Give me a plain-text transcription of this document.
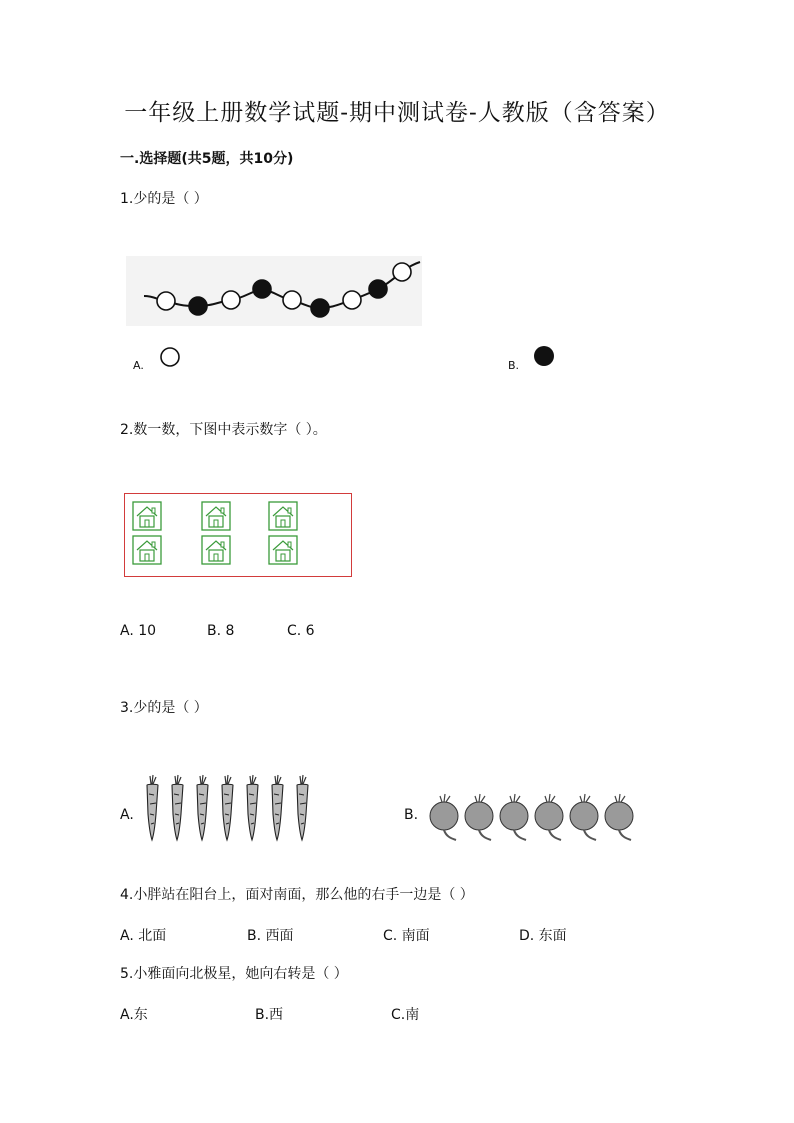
一年级上册数学试题-期中测试卷-人教版（含答案）
一.选择题(共5题，共10分)
1.少的是（ ）
A.	B.
2.数一数，下图中表示数字（ ）。
A. 10	B. 8	C. 6
3.少的是（ ）
A.	B.
4.小胖站在阳台上，面对南面，那么他的右手一边是（ ）
A. 北面	B. 西面	C. 南面	D. 东面
5.小雅面向北极星，她向右转是（ ）
A.东	B.西	C.南
